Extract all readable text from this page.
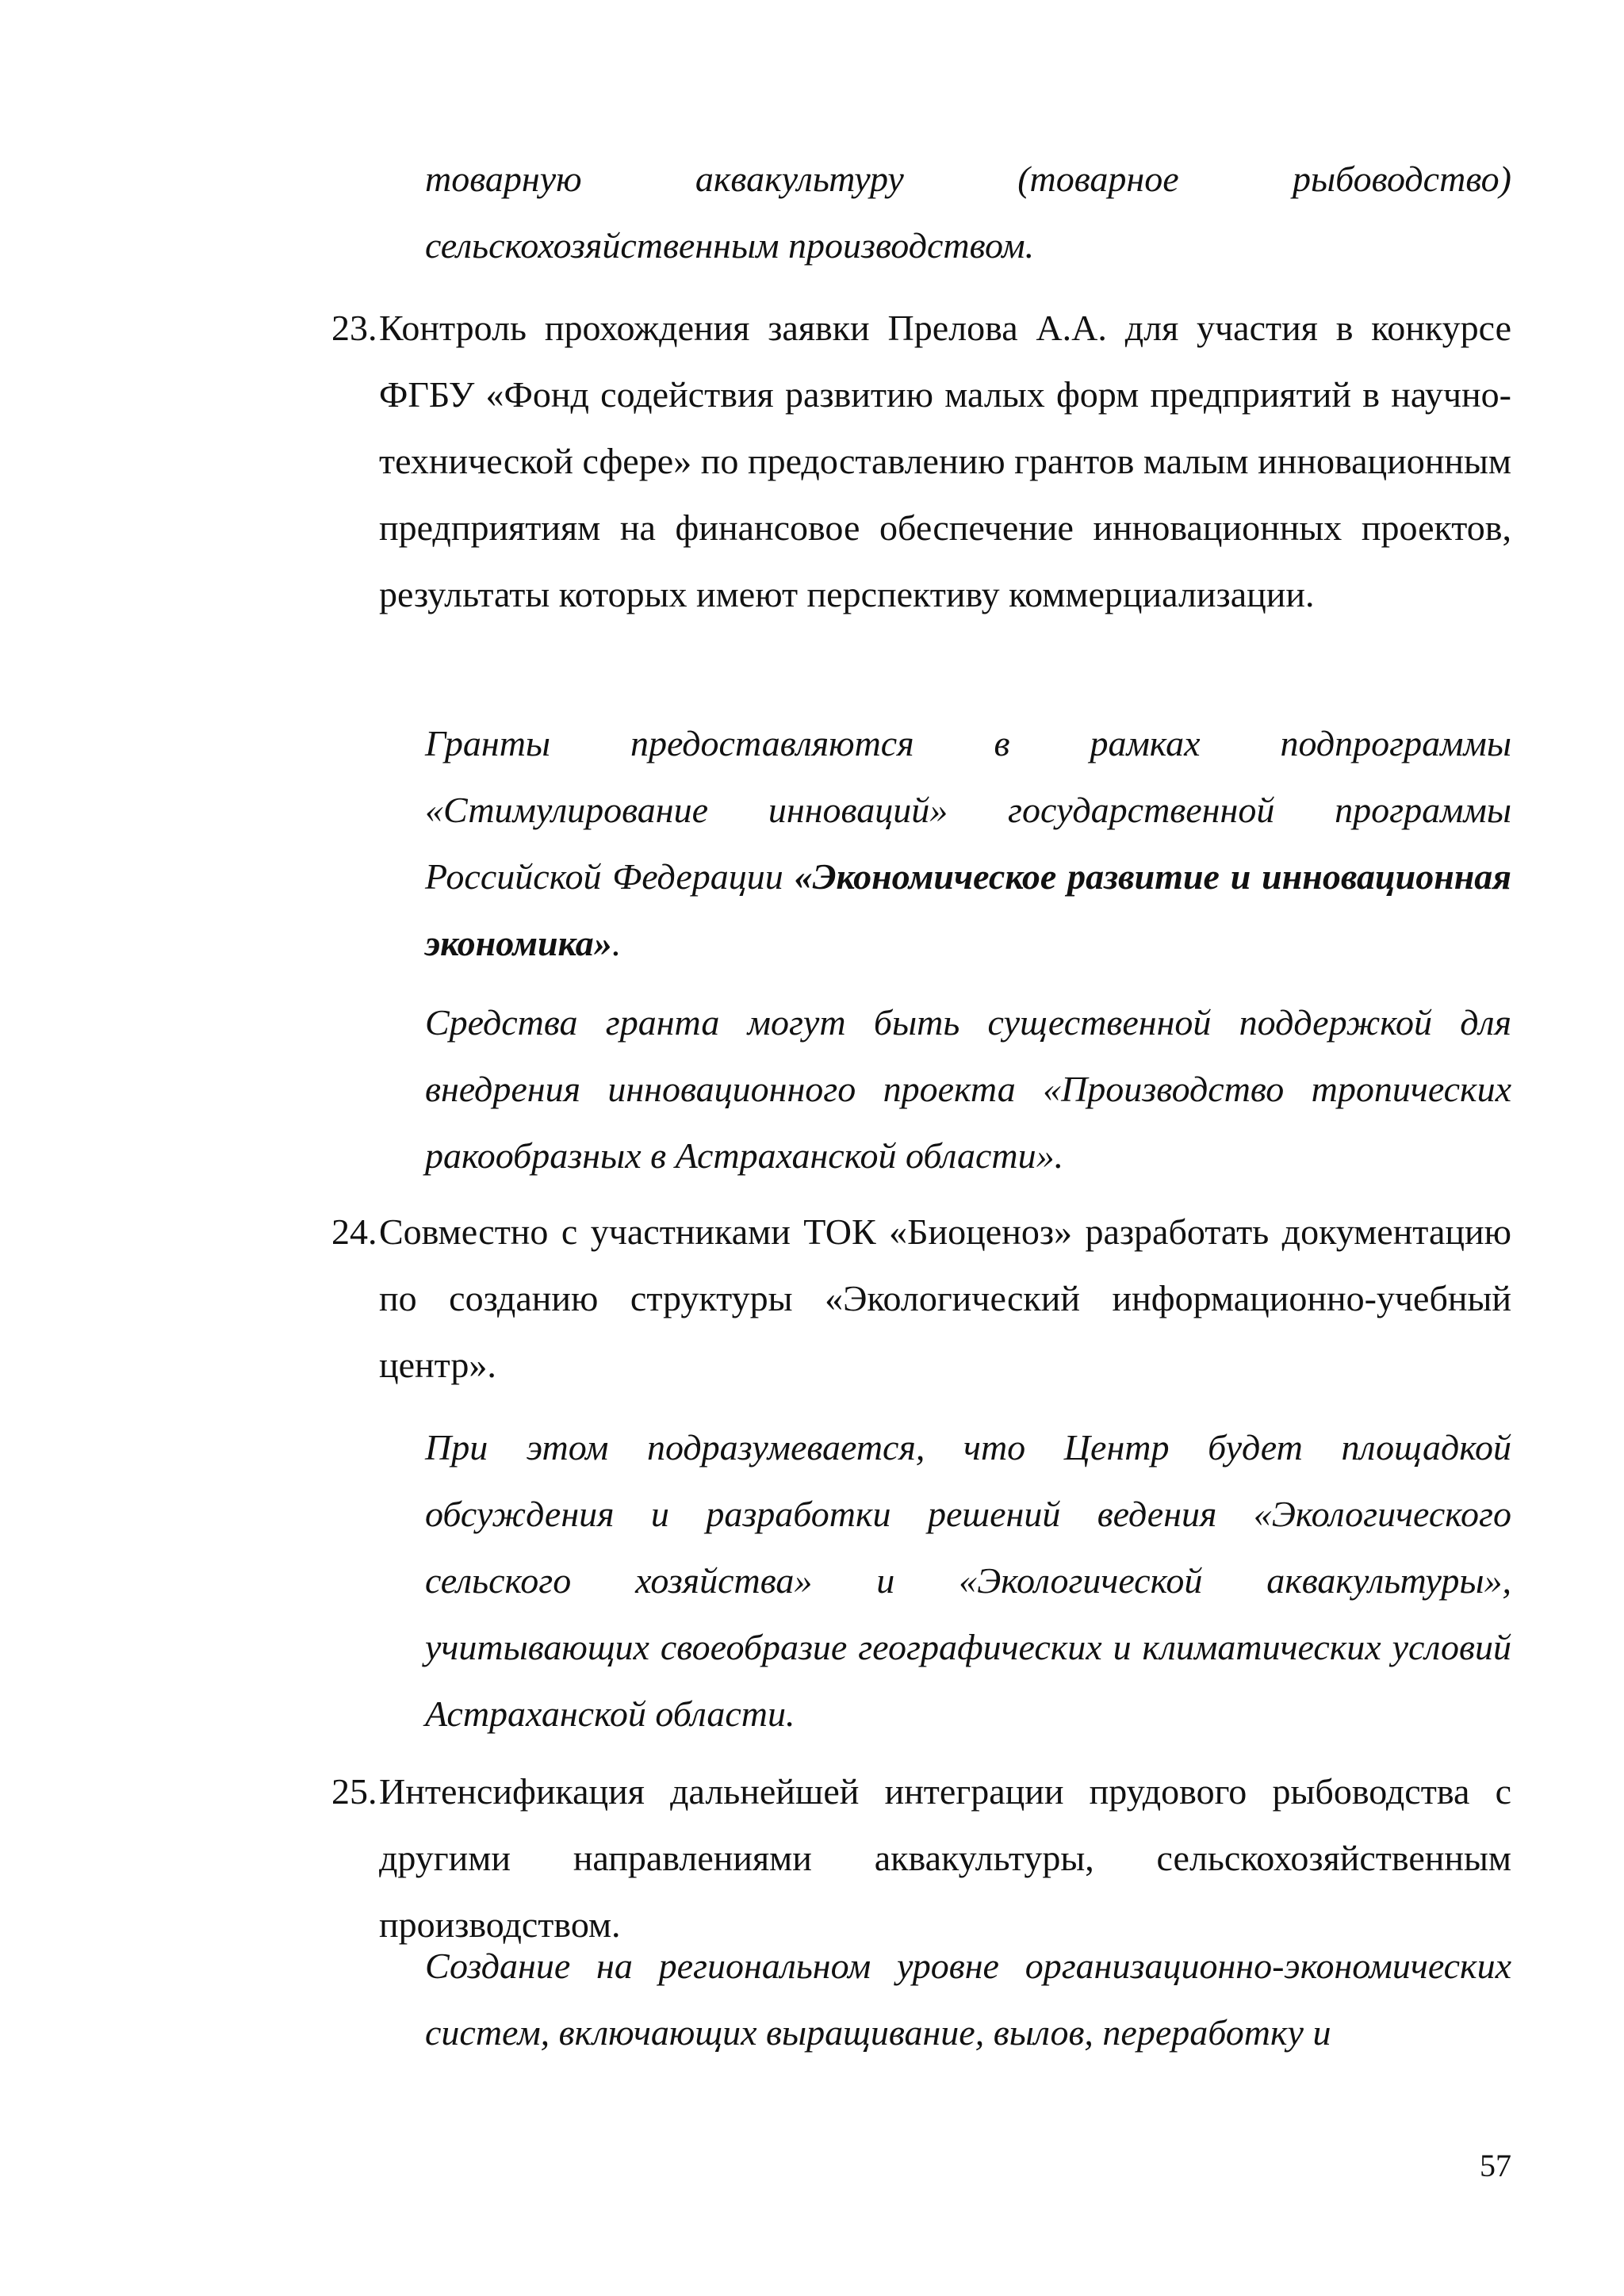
товарную аквакультуру (товарное рыбоводство) сельскохозяйственным производством.

23. Контроль прохождения заявки Прелова А.А. для участия в конкурсе ФГБУ «Фонд содействия развитию малых форм предприятий в научно-технической сфере» по предоставлению грантов малым инновационным предприятиям на финансовое обеспечение инновационных проектов, результаты которых имеют перспективу коммерциализации.

Гранты предоставляются в рамках подпрограммы «Стимулирование инноваций» государственной программы Российской Федерации «Экономическое развитие и инновационная экономика».

Средства гранта могут быть существенной поддержкой для внедрения инновационного проекта «Производство тропических ракообразных в Астраханской области».

24. Совместно с участниками ТОК «Биоценоз» разработать документацию по созданию структуры «Экологический информационно-учебный центр».

При этом подразумевается, что Центр будет площадкой обсуждения и разработки решений ведения «Экологического сельского хозяйства» и «Экологической аквакультуры», учитывающих своеобразие географических и климатических условий Астраханской области.

25. Интенсификация дальнейшей интеграции прудового рыбоводства с другими направлениями аквакультуры, сельскохозяйственным производством.

Создание на региональном уровне организационно-экономических систем, включающих выращивание, вылов, переработку и

57
